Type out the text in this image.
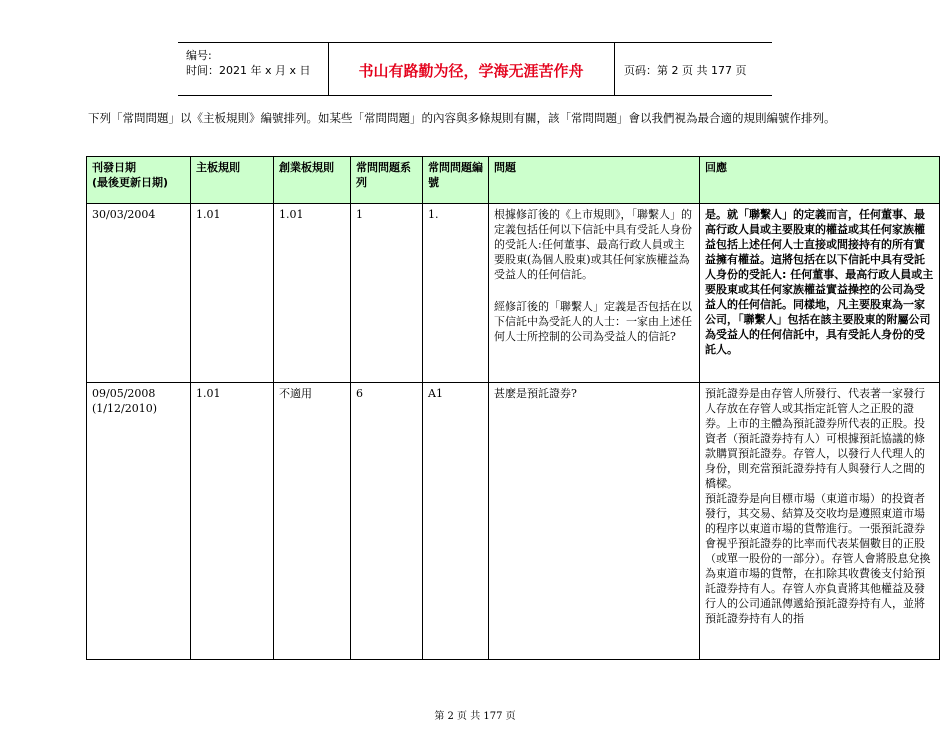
编号:
时间：2021 年 x 月 x 日	书山有路勤为径，学海无涯苦作舟	页码：第 2 页 共 177 页
下列「常問問題」以《主板規則》編號排列。如某些「常問問題」的內容與多條規則有關，該「常問問題」會以我們視為最合適的規則編號作排列。
刊發日期
(最後更新日期)	主板規則	創業板規則	常問問題系列	常問問題編號	問題	回應
30/03/2004	1.01	1.01	1	1.	根據修訂後的《上市規則》，「聯繫人」的定義包括任何以下信託中具有受託人身份的受託人:任何董事、最高行政人員或主要股東(為個人股東)或其任何家族權益為受益人的任何信託。
經修訂後的「聯繫人」定義是否包括在以下信託中為受託人的人士：一家由上述任何人士所控制的公司為受益人的信託?	是。就「聯繫人」的定義而言，任何董事、最高行政人員或主要股東的權益或其任何家族權益包括上述任何人士直接或間接持有的所有實益擁有權益。這將包括在以下信託中具有受託人身份的受託人: 任何董事、最高行政人員或主要股東或其任何家族權益實益操控的公司為受益人的任何信託。同樣地，凡主要股東為一家公司，「聯繫人」包括在該主要股東的附屬公司為受益人的任何信託中，具有受託人身份的受託人。
09/05/2008
(1/12/2010)	1.01	不適用	6	A1	甚麼是預託證券?	預託證券是由存管人所發行、代表著一家發行人存放在存管人或其指定託管人之正股的證券。上市的主體為預託證券所代表的正股。投資者（預託證券持有人）可根據預託協議的條款購買預託證券。存管人，以發行人代理人的身份，則充當預託證券持有人與發行人之間的橋樑。
預託證券是向目標市場（東道市場）的投資者發行，其交易、結算及交收均是遵照東道市場的程序以東道市場的貨幣進行。一張預託證券會視乎預託證券的比率而代表某個數目的正股（或單一股份的一部分）。存管人會將股息兌換為東道市場的貨幣，在扣除其收費後支付給預託證券持有人。存管人亦負責將其他權益及發行人的公司通訊傳遞給預託證券持有人，並將預託證券持有人的指
第 2 页 共 177 页
